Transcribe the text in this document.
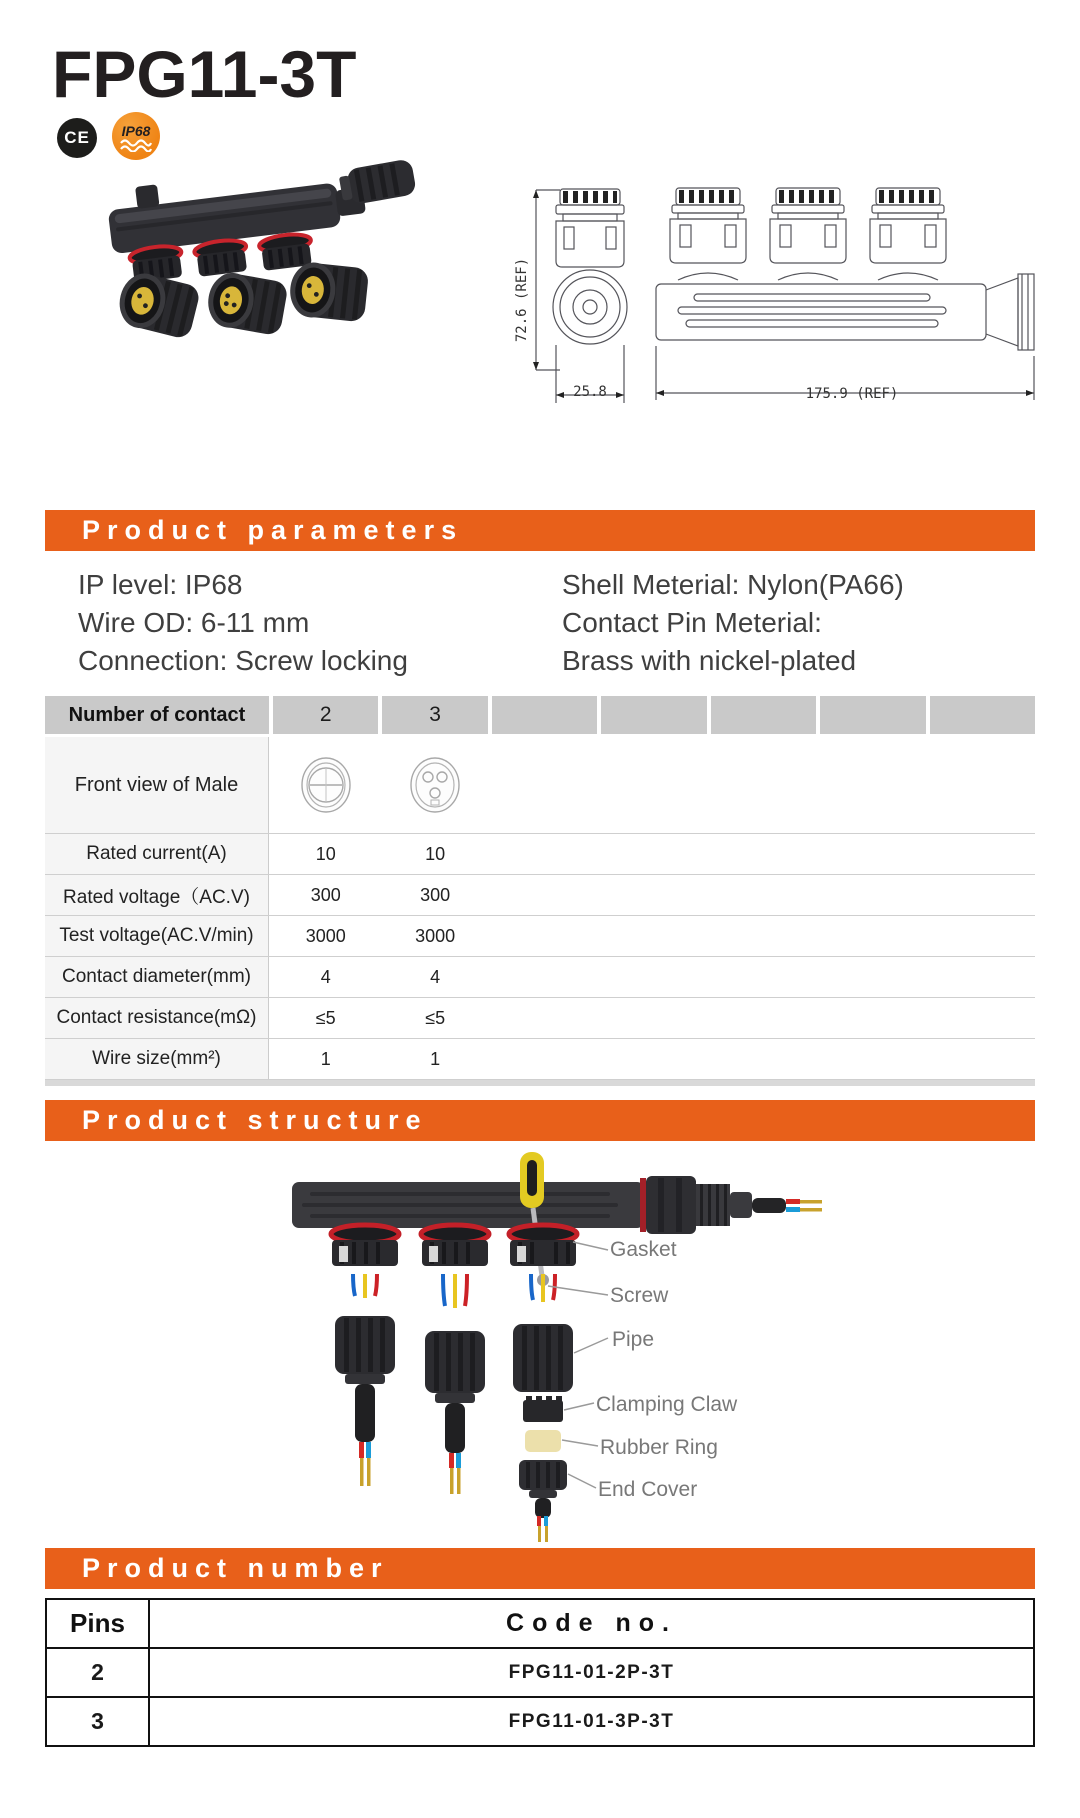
FPG11-3T
CE IP68
72.6 (REF)
25.8	175.9 (REF)
Product parameters
IP level: IP68
Wire OD: 6-11 mm
Connection: Screw locking
Shell Meterial: Nylon(PA66)
Contact Pin Meterial:
Brass with nickel-plated
Number of contact	2	3
Front view of Male
Rated current(A)	10	10
Rated voltage（AC.V)	300	300
Test voltage(AC.V/min)	3000	3000
Contact diameter(mm)	4	4
Contact resistance(mΩ)	≤5	≤5
Wire size(mm²)	1	1
Product structure
Gasket
Screw
Pipe
Clamping Claw
Rubber Ring
End Cover
Product number
Pins	Code no.
2	FPG11-01-2P-3T
3	FPG11-01-3P-3T
